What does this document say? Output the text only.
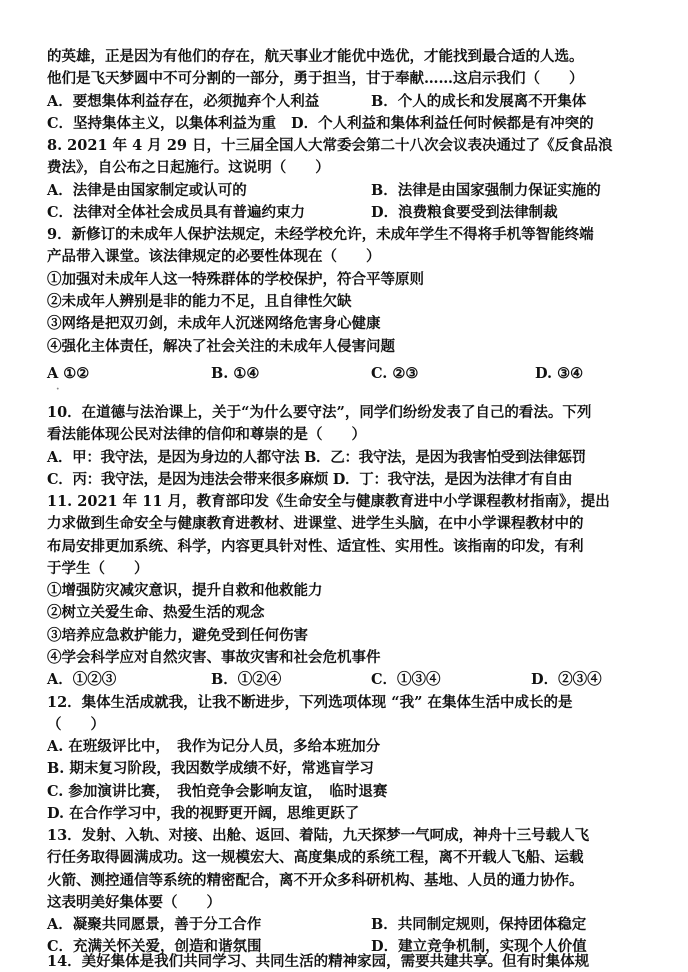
的英雄，正是因为有他们的存在，航天事业才能优中选优，才能找到最合适的人选。
他们是飞天梦圆中不可分割的一部分，勇于担当，甘于奉献……这启示我们（　　）
A．要想集体利益存在，必须抛弃个人利益	B．个人的成长和发展离不开集体
C．坚持集体主义，以集体利益为重 D．个人利益和集体利益任何时候都是有冲突的
8. 2021 年 4 月 29 日，十三届全国人大常委会第二十八次会议表决通过了《反食品浪
费法》，自公布之日起施行。这说明（　　）
A．法律是由国家制定或认可的	B．法律是由国家强制力保证实施的
C．法律对全体社会成员具有普遍约束力	D．浪费粮食要受到法律制裁
9．新修订的未成年人保护法规定，未经学校允许，未成年学生不得将手机等智能终端
产品带入课堂。该法律规定的必要性体现在（　　）
①加强对未成年人这一特殊群体的学校保护，符合平等原则
②未成年人辨别是非的能力不足，且自律性欠缺
③网络是把双刃剑，未成年人沉迷网络危害身心健康
④强化主体责任，解决了社会关注的未成年人侵害问题
A ①②	B. ①④	C. ②③	D. ③④
·
10．在道德与法治课上，关于“为什么要守法”，同学们纷纷发表了自己的看法。下列
看法能体现公民对法律的信仰和尊崇的是（　　）
A．甲：我守法，是因为身边的人都守法 B．乙：我守法，是因为我害怕受到法律惩罚
C．丙：我守法，是因为违法会带来很多麻烦 D．丁：我守法，是因为法律才有自由
11. 2021 年 11 月，教育部印发《生命安全与健康教育进中小学课程教材指南》，提出
力求做到生命安全与健康教育进教材、进课堂、进学生头脑，在中小学课程教材中的
布局安排更加系统、科学，内容更具针对性、适宜性、实用性。该指南的印发，有利
于学生（　　）
①增强防灾减灾意识，提升自救和他救能力
②树立关爱生命、热爱生活的观念
③培养应急救护能力，避免受到任何伤害
④学会科学应对自然灾害、事故灾害和社会危机事件
A．①②③	B．①②④	C．①③④	D．②③④
12．集体生活成就我，让我不断进步，下列选项体现 “我” 在集体生活中成长的是
（　　）
A. 在班级评比中，　我作为记分人员，多给本班加分
B. 期末复习阶段，我因数学成绩不好，常逃盲学习
C. 参加演讲比赛，　我怕竞争会影响友谊，　临时退赛
D. 在合作学习中，我的视野更开阔，思维更跃了
13．发射、入轨、对接、出舱、返回、着陆，九天探梦一气呵成，神舟十三号载人飞
行任务取得圆满成功。这一规模宏大、高度集成的系统工程，离不开载人飞船、运载
火箭、测控通信等系统的精密配合，离不开众多科研机构、基地、人员的通力协作。
这表明美好集体要（　　）
A．凝聚共同愿景，善于分工合作	B．共同制定规则，保持团体稳定
C．充满关怀关爱，创造和谐氛围	D．建立竞争机制，实现个人价值
14．美好集体是我们共同学习、共同生活的精神家园，需要共建共享。但有时集体规
